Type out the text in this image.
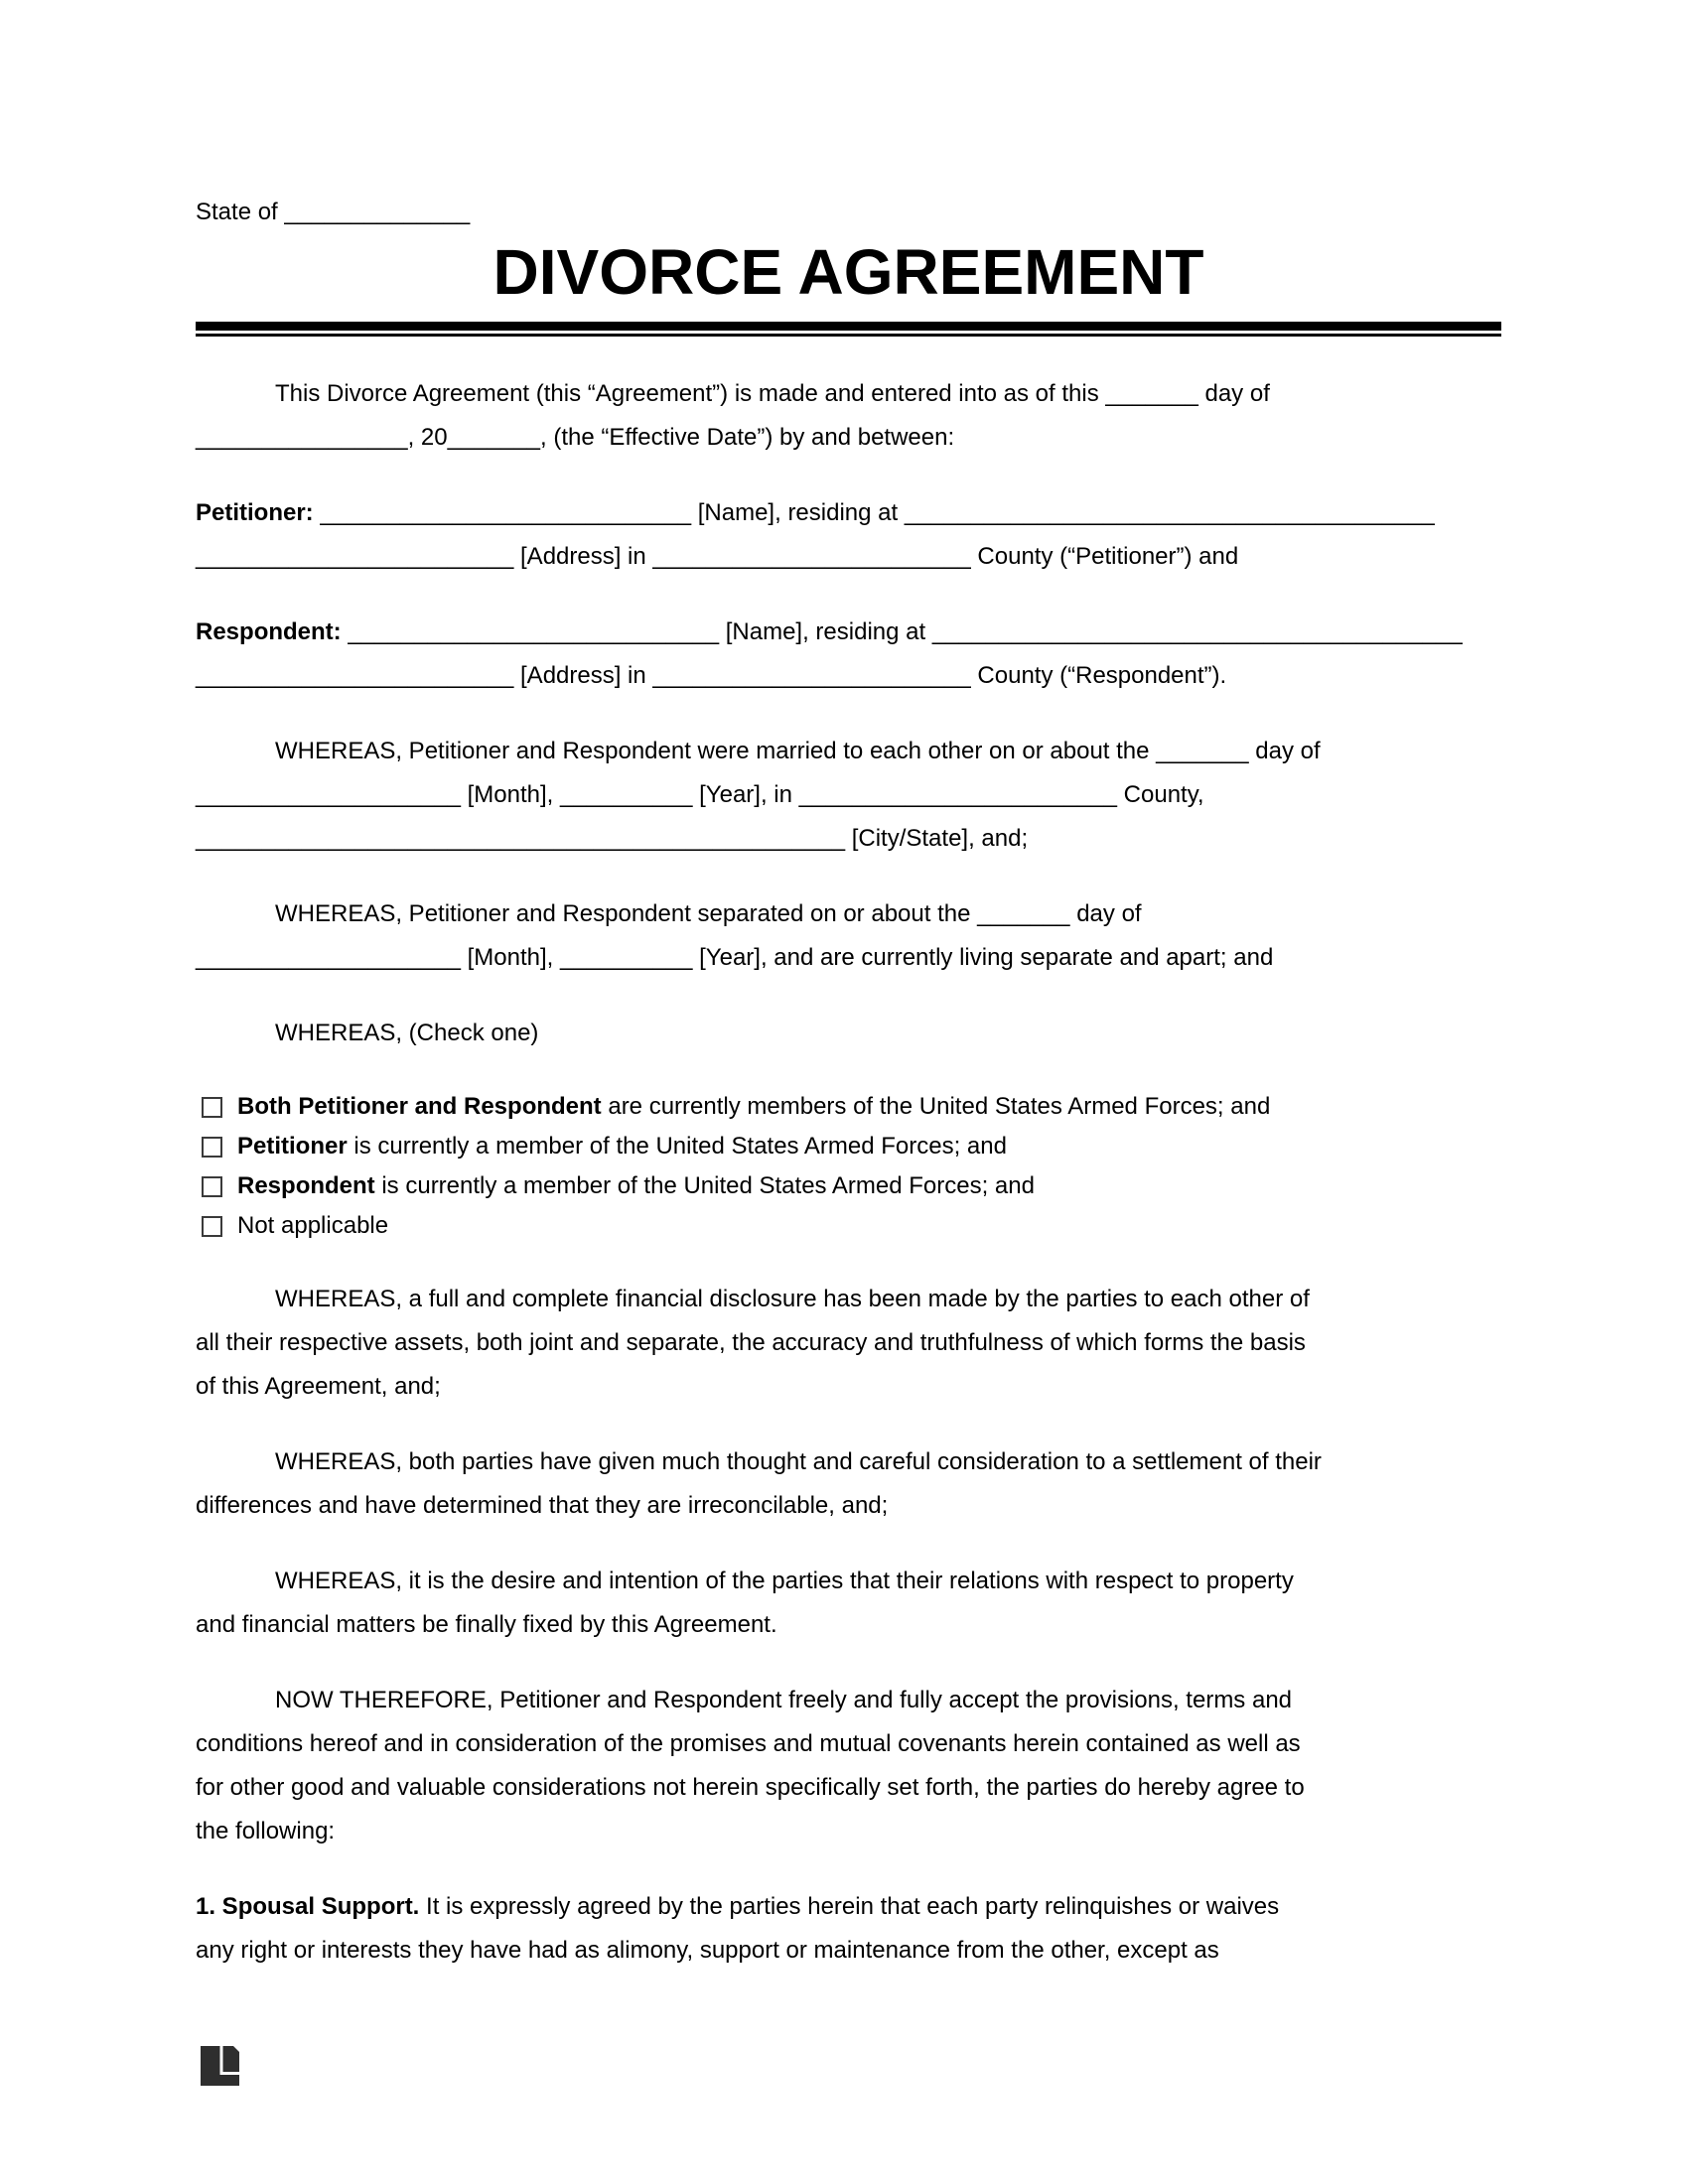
State of ______________
DIVORCE AGREEMENT
This Divorce Agreement (this “Agreement”) is made and entered into as of this _______ day of
________________, 20_______, (the “Effective Date”) by and between:
Petitioner: ____________________________ [Name], residing at ________________________________________
________________________ [Address] in ________________________ County (“Petitioner”) and
Respondent: ____________________________ [Name], residing at ________________________________________
________________________ [Address] in ________________________ County (“Respondent”).
WHEREAS, Petitioner and Respondent were married to each other on or about the _______ day of
____________________ [Month], __________ [Year], in ________________________ County,
_________________________________________________ [City/State], and;
WHEREAS, Petitioner and Respondent separated on or about the _______ day of
____________________ [Month], __________ [Year], and are currently living separate and apart; and
WHEREAS, (Check one)
Both Petitioner and Respondent are currently members of the United States Armed Forces; and
Petitioner is currently a member of the United States Armed Forces; and
Respondent is currently a member of the United States Armed Forces; and
Not applicable
WHEREAS, a full and complete financial disclosure has been made by the parties to each other of
all their respective assets, both joint and separate, the accuracy and truthfulness of which forms the basis
of this Agreement, and;
WHEREAS, both parties have given much thought and careful consideration to a settlement of their
differences and have determined that they are irreconcilable, and;
WHEREAS, it is the desire and intention of the parties that their relations with respect to property
and financial matters be finally fixed by this Agreement.
NOW THEREFORE, Petitioner and Respondent freely and fully accept the provisions, terms and
conditions hereof and in consideration of the promises and mutual covenants herein contained as well as
for other good and valuable considerations not herein specifically set forth, the parties do hereby agree to
the following:
1. Spousal Support. It is expressly agreed by the parties herein that each party relinquishes or waives
any right or interests they have had as alimony, support or maintenance from the other, except as
